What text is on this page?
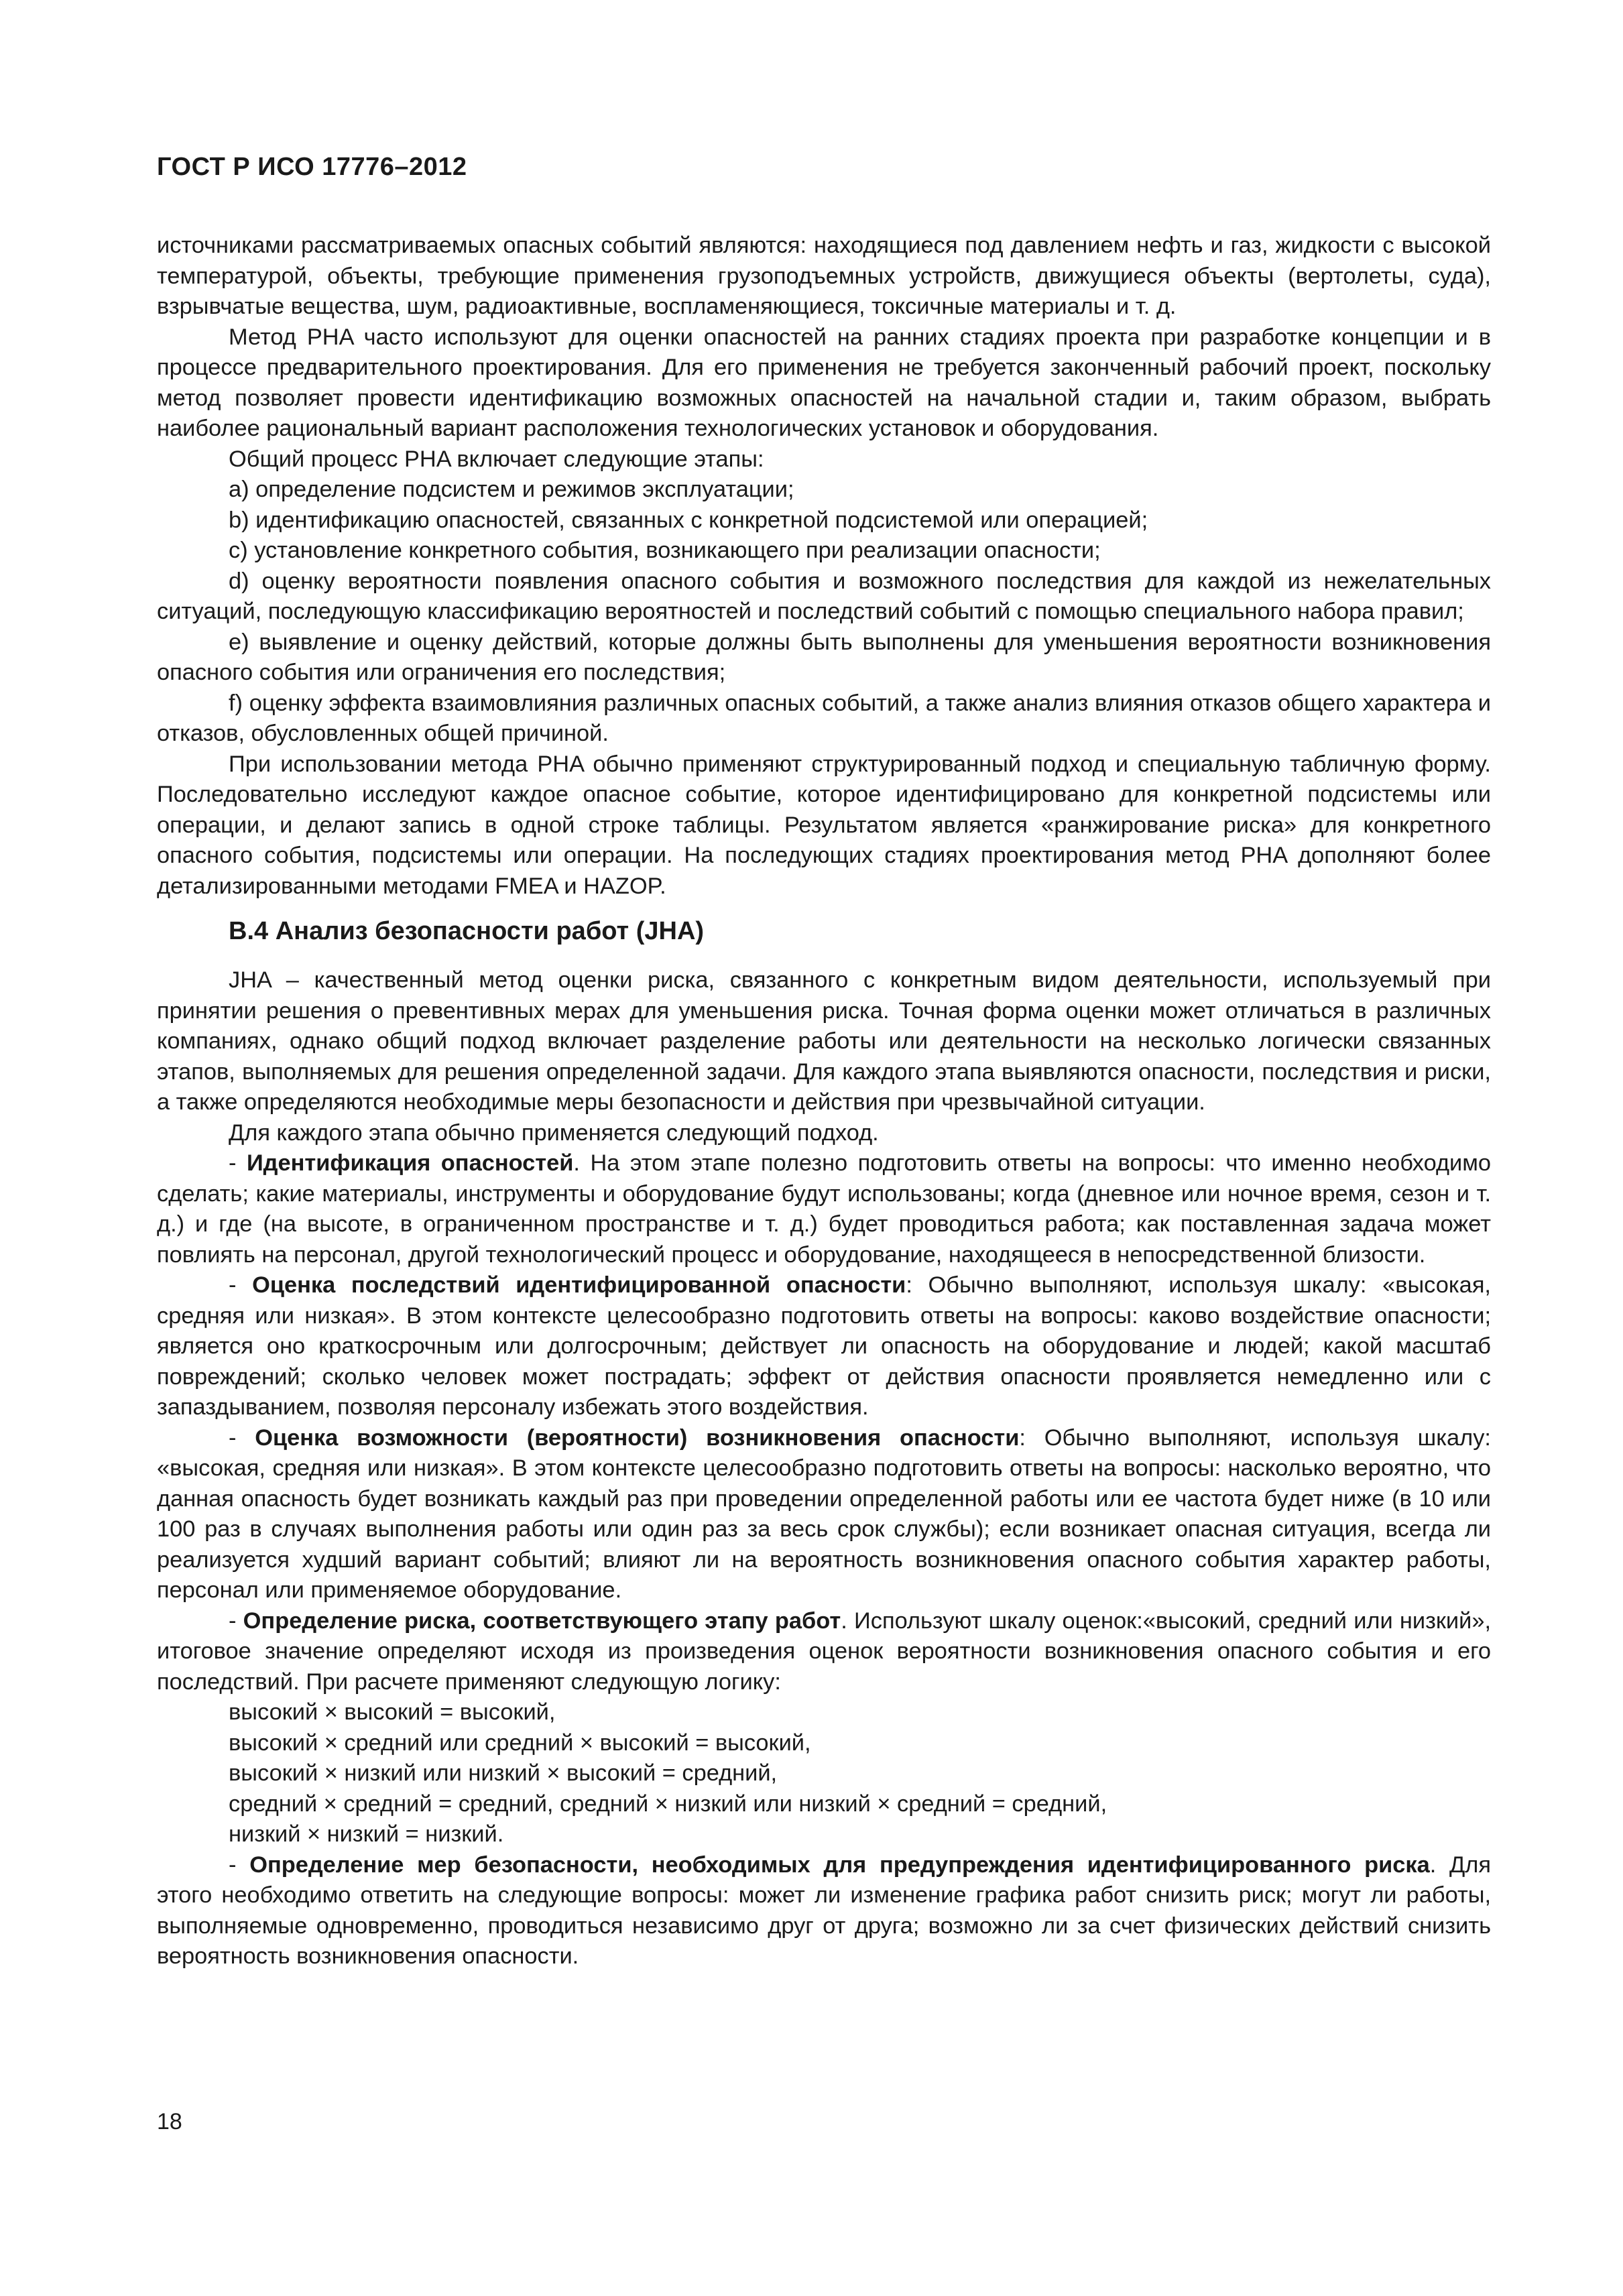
ГОСТ Р ИСО 17776–2012

источниками рассматриваемых опасных событий являются: находящиеся под давлением нефть и газ, жидкости с высокой температурой, объекты, требующие применения грузоподъемных устройств, движущиеся объекты (вертолеты, суда), взрывчатые вещества, шум, радиоактивные, воспламеняющиеся, токсичные материалы и т. д.

Метод PHA часто используют для оценки опасностей на ранних стадиях проекта при разработке концепции и в процессе предварительного проектирования. Для его применения не требуется законченный рабочий проект, поскольку метод позволяет провести идентификацию возможных опасностей на начальной стадии и, таким образом, выбрать наиболее рациональный вариант расположения технологических установок и оборудования.

Общий процесс PHA включает следующие этапы:

a) определение подсистем и режимов эксплуатации;

b) идентификацию опасностей, связанных с конкретной подсистемой или операцией;

c) установление конкретного события, возникающего при реализации опасности;

d) оценку вероятности появления опасного события и возможного последствия для каждой из нежелательных ситуаций, последующую классификацию вероятностей и последствий событий с помощью специального набора правил;

e) выявление и оценку действий, которые должны быть выполнены для уменьшения вероятности возникновения опасного события или ограничения его последствия;

f) оценку эффекта взаимовлияния различных опасных событий, а также анализ влияния отказов общего характера и отказов, обусловленных общей причиной.

При использовании метода PHA обычно применяют структурированный подход и специальную табличную форму. Последовательно исследуют каждое опасное событие, которое идентифицировано для конкретной подсистемы или операции, и делают запись в одной строке таблицы. Результатом является «ранжирование риска» для конкретного опасного события, подсистемы или операции. На последующих стадиях проектирования метод PHA дополняют более детализированными методами FMEA и HAZOP.

B.4 Анализ безопасности работ (JHA)

JHA – качественный метод оценки риска, связанного с конкретным видом деятельности, используемый при принятии решения о превентивных мерах для уменьшения риска. Точная форма оценки может отличаться в различных компаниях, однако общий подход включает разделение работы или деятельности на несколько логически связанных этапов, выполняемых для решения определенной задачи. Для каждого этапа выявляются опасности, последствия и риски, а также определяются необходимые меры безопасности и действия при чрезвычайной ситуации.

Для каждого этапа обычно применяется следующий подход.

- Идентификация опасностей. На этом этапе полезно подготовить ответы на вопросы: что именно необходимо сделать; какие материалы, инструменты и оборудование будут использованы; когда (дневное или ночное время, сезон и т. д.) и где (на высоте, в ограниченном пространстве и т. д.) будет проводиться работа; как поставленная задача может повлиять на персонал, другой технологический процесс и оборудование, находящееся в непосредственной близости.

- Оценка последствий идентифицированной опасности: Обычно выполняют, используя шкалу: «высокая, средняя или низкая». В этом контексте целесообразно подготовить ответы на вопросы: каково воздействие опасности; является оно краткосрочным или долгосрочным; действует ли опасность на оборудование и людей; какой масштаб повреждений; сколько человек может пострадать; эффект от действия опасности проявляется немедленно или с запаздыванием, позволяя персоналу избежать этого воздействия.

- Оценка возможности (вероятности) возникновения опасности: Обычно выполняют, используя шкалу: «высокая, средняя или низкая». В этом контексте целесообразно подготовить ответы на вопросы: насколько вероятно, что данная опасность будет возникать каждый раз при проведении определенной работы или ее частота будет ниже (в 10 или 100 раз в случаях выполнения работы или один раз за весь срок службы); если возникает опасная ситуация, всегда ли реализуется худший вариант событий; влияют ли на вероятность возникновения опасного события характер работы, персонал или применяемое оборудование.

- Определение риска, соответствующего этапу работ. Используют шкалу оценок:«высокий, средний или низкий», итоговое значение определяют исходя из произведения оценок вероятности возникновения опасного события и его последствий. При расчете применяют следующую логику:

высокий × высокий = высокий,

высокий × средний или средний × высокий = высокий,

высокий × низкий или низкий × высокий = средний,

средний × средний = средний, средний × низкий или низкий × средний = средний,

низкий × низкий = низкий.

- Определение мер безопасности, необходимых для предупреждения идентифицированного риска. Для этого необходимо ответить на следующие вопросы: может ли изменение графика работ снизить риск; могут ли работы, выполняемые одновременно, проводиться независимо друг от друга; возможно ли за счет физических действий снизить вероятность возникновения опасности.

18
